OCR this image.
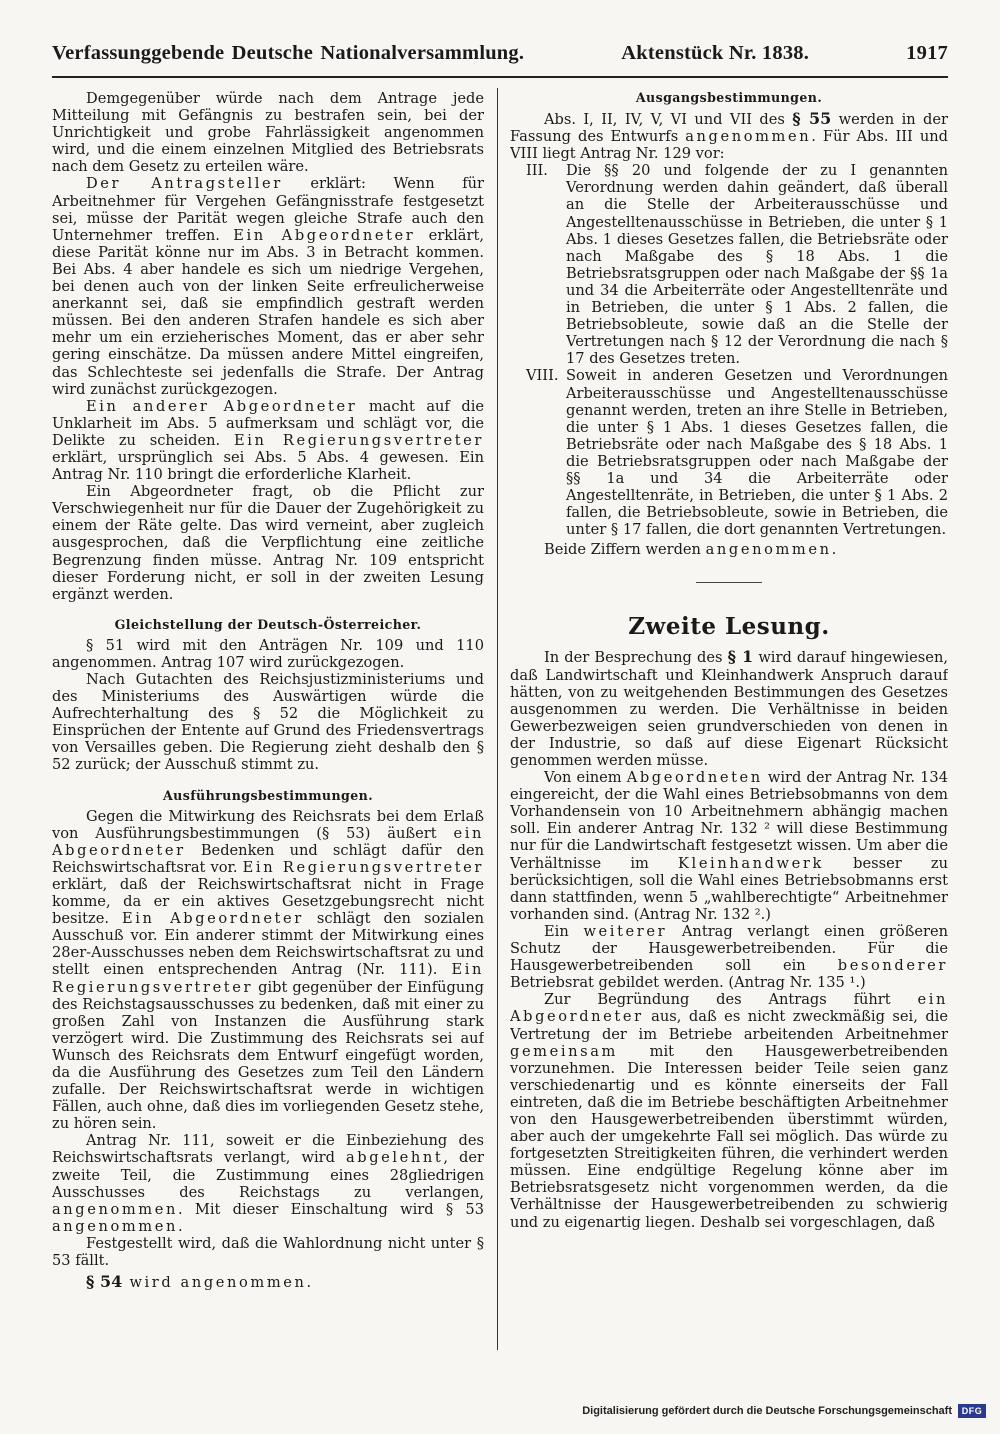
Verfassunggebende Deutsche Nationalversammlung.	Aktenstück Nr. 1838.	1917

Demgegenüber würde nach dem Antrage jede Mitteilung mit Gefängnis zu bestrafen sein, bei der Unrichtigkeit und grobe Fahrlässigkeit angenommen wird, und die einem einzelnen Mitglied des Betriebsrats nach dem Gesetz zu erteilen wäre.

Der Antragsteller erklärt: Wenn für Arbeitnehmer für Vergehen Gefängnisstrafe festgesetzt sei, müsse der Parität wegen gleiche Strafe auch den Unternehmer treffen. Ein Abgeordneter erklärt, diese Parität könne nur im Abs. 3 in Betracht kommen. Bei Abs. 4 aber handele es sich um niedrige Vergehen, bei denen auch von der linken Seite erfreulicherweise anerkannt sei, daß sie empfindlich gestraft werden müssen. Bei den anderen Strafen handele es sich aber mehr um ein erzieherisches Moment, das er aber sehr gering einschätze. Da müssen andere Mittel eingreifen, das Schlechteste sei jedenfalls die Strafe. Der Antrag wird zunächst zurückgezogen.

Ein anderer Abgeordneter macht auf die Unklarheit im Abs. 5 aufmerksam und schlägt vor, die Delikte zu scheiden. Ein Regierungsvertreter erklärt, ursprünglich sei Abs. 5 Abs. 4 gewesen. Ein Antrag Nr. 110 bringt die erforderliche Klarheit.

Ein Abgeordneter fragt, ob die Pflicht zur Verschwiegenheit nur für die Dauer der Zugehörigkeit zu einem der Räte gelte. Das wird verneint, aber zugleich ausgesprochen, daß die Verpflichtung eine zeitliche Begrenzung finden müsse. Antrag Nr. 109 entspricht dieser Forderung nicht, er soll in der zweiten Lesung ergänzt werden.

Gleichstellung der Deutsch-Österreicher.

§ 51 wird mit den Anträgen Nr. 109 und 110 angenommen. Antrag 107 wird zurückgezogen.

Nach Gutachten des Reichsjustizministeriums und des Ministeriums des Auswärtigen würde die Aufrechterhaltung des § 52 die Möglichkeit zu Einsprüchen der Entente auf Grund des Friedensvertrags von Versailles geben. Die Regierung zieht deshalb den § 52 zurück; der Ausschuß stimmt zu.

Ausführungsbestimmungen.

Gegen die Mitwirkung des Reichsrats bei dem Erlaß von Ausführungsbestimmungen (§ 53) äußert ein Abgeordneter Bedenken und schlägt dafür den Reichswirtschaftsrat vor. Ein Regierungsvertreter erklärt, daß der Reichswirtschaftsrat nicht in Frage komme, da er ein aktives Gesetzgebungsrecht nicht besitze. Ein Abgeordneter schlägt den sozialen Ausschuß vor. Ein anderer stimmt der Mitwirkung eines 28er-Ausschusses neben dem Reichswirtschaftsrat zu und stellt einen entsprechenden Antrag (Nr. 111). Ein Regierungsvertreter gibt gegenüber der Einfügung des Reichstagsausschusses zu bedenken, daß mit einer zu großen Zahl von Instanzen die Ausführung stark verzögert wird. Die Zustimmung des Reichsrats sei auf Wunsch des Reichsrats dem Entwurf eingefügt worden, da die Ausführung des Gesetzes zum Teil den Ländern zufalle. Der Reichswirtschaftsrat werde in wichtigen Fällen, auch ohne, daß dies im vorliegenden Gesetz stehe, zu hören sein.

Antrag Nr. 111, soweit er die Einbeziehung des Reichswirtschaftsrats verlangt, wird abgelehnt, der zweite Teil, die Zustimmung eines 28gliedrigen Ausschusses des Reichstags zu verlangen, angenommen. Mit dieser Einschaltung wird § 53 angenommen.

Festgestellt wird, daß die Wahlordnung nicht unter § 53 fällt.

§ 54 wird angenommen.

Ausgangsbestimmungen.

Abs. I, II, IV, V, VI und VII des § 55 werden in der Fassung des Entwurfs angenommen. Für Abs. III und VIII liegt Antrag Nr. 129 vor:

III.	Die §§ 20 und folgende der zu I genannten Verordnung werden dahin geändert, daß überall an die Stelle der Arbeiterausschüsse und Angestelltenausschüsse in Betrieben, die unter § 1 Abs. 1 dieses Gesetzes fallen, die Betriebsräte oder nach Maßgabe des § 18 Abs. 1 die Betriebsratsgruppen oder nach Maßgabe der §§ 1a und 34 die Arbeiterräte oder Angestelltenräte und in Betrieben, die unter § 1 Abs. 2 fallen, die Betriebsobleute, sowie daß an die Stelle der Vertretungen nach § 12 der Verordnung die nach § 17 des Gesetzes treten.
VIII. Soweit in anderen Gesetzen und Verordnungen Arbeiterausschüsse und Angestelltenausschüsse genannt werden, treten an ihre Stelle in Betrieben, die unter § 1 Abs. 1 dieses Gesetzes fallen, die Betriebsräte oder nach Maßgabe des § 18 Abs. 1 die Betriebsratsgruppen oder nach Maßgabe der §§ 1a und 34 die Arbeiterräte oder Angestelltenräte, in Betrieben, die unter § 1 Abs. 2 fallen, die Betriebsobleute, sowie in Betrieben, die unter § 17 fallen, die dort genannten Vertretungen.

Beide Ziffern werden angenommen.

Zweite Lesung.

In der Besprechung des § 1 wird darauf hingewiesen, daß Landwirtschaft und Kleinhandwerk Anspruch darauf hätten, von zu weitgehenden Bestimmungen des Gesetzes ausgenommen zu werden. Die Verhältnisse in beiden Gewerbezweigen seien grundverschieden von denen in der Industrie, so daß auf diese Eigenart Rücksicht genommen werden müsse.

Von einem Abgeordneten wird der Antrag Nr. 134 eingereicht, der die Wahl eines Betriebsobmanns von dem Vorhandensein von 10 Arbeitnehmern abhängig machen soll. Ein anderer Antrag Nr. 132 ² will diese Bestimmung nur für die Landwirtschaft festgesetzt wissen. Um aber die Verhältnisse im Kleinhandwerk besser zu berücksichtigen, soll die Wahl eines Betriebsobmanns erst dann stattfinden, wenn 5 „wahlberechtigte“ Arbeitnehmer vorhanden sind. (Antrag Nr. 132 ².)

Ein weiterer Antrag verlangt einen größeren Schutz der Hausgewerbetreibenden. Für die Hausgewerbetreibenden soll ein besonderer Betriebsrat gebildet werden. (Antrag Nr. 135 ¹.)

Zur Begründung des Antrags führt ein Abgeordneter aus, daß es nicht zweckmäßig sei, die Vertretung der im Betriebe arbeitenden Arbeitnehmer gemeinsam mit den Hausgewerbetreibenden vorzunehmen. Die Interessen beider Teile seien ganz verschiedenartig und es könnte einerseits der Fall eintreten, daß die im Betriebe beschäftigten Arbeitnehmer von den Hausgewerbetreibenden überstimmt würden, aber auch der umgekehrte Fall sei möglich. Das würde zu fortgesetzten Streitigkeiten führen, die verhindert werden müssen. Eine endgültige Regelung könne aber im Betriebsratsgesetz nicht vorgenommen werden, da die Verhältnisse der Hausgewerbetreibenden zu schwierig und zu eigenartig liegen. Deshalb sei vorgeschlagen, daß

Digitalisierung gefördert durch die Deutsche Forschungsgemeinschaft	DFG
